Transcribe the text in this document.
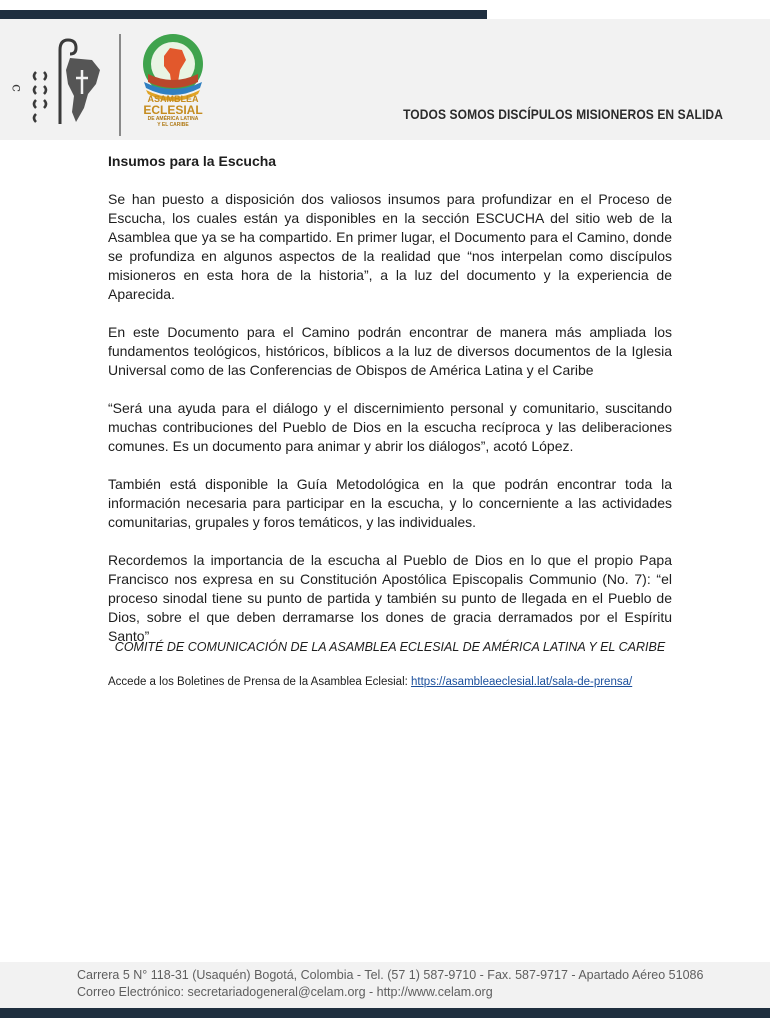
ɔ
ASAMBLEA
ECLESIAL
DE AMÉRICA LATINA
Y EL CARIBE
TODOS SOMOS DISCÍPULOS MISIONEROS EN SALIDA
Insumos para la Escucha

Se han puesto a disposición dos valiosos insumos para profundizar en el Proceso de Escucha, los cuales están ya disponibles en la sección ESCUCHA del sitio web de la Asamblea que ya se ha compartido. En primer lugar, el Documento para el Camino, donde se profundiza en algunos aspectos de la realidad que “nos interpelan como discípulos misioneros en esta hora de la historia”, a la luz del documento y la experiencia de Aparecida.

En este Documento para el Camino podrán encontrar de manera más ampliada los fundamentos teológicos, históricos, bíblicos a la luz de diversos documentos de la Iglesia Universal como de las Conferencias de Obispos de América Latina y el Caribe

“Será una ayuda para el diálogo y el discernimiento personal y comunitario, suscitando muchas contribuciones del Pueblo de Dios en la escucha recíproca y las deliberaciones comunes. Es un documento para animar y abrir los diálogos”, acotó López.

También está disponible la Guía Metodológica en la que podrán encontrar toda la información necesaria para participar en la escucha, y lo concerniente a las actividades comunitarias, grupales y foros temáticos, y las individuales.

Recordemos la importancia de la escucha al Pueblo de Dios en lo que el propio Papa Francisco nos expresa en su Constitución Apostólica Episcopalis Communio (No. 7): “el proceso sinodal tiene su punto de partida y también su punto de llegada en el Pueblo de Dios, sobre el que deben derramarse los dones de gracia derramados por el Espíritu Santo”

COMITÉ DE COMUNICACIÓN DE LA ASAMBLEA ECLESIAL DE AMÉRICA LATINA Y EL CARIBE
Accede a los Boletines de Prensa de la Asamblea Eclesial: https://asambleaeclesial.lat/sala-de-prensa/
Carrera 5 N° 118-31 (Usaquén) Bogotá, Colombia - Tel. (57 1) 587-9710 - Fax. 587-9717 - Apartado Aéreo 51086
Correo Electrónico: secretariadogeneral@celam.org - http://www.celam.org
